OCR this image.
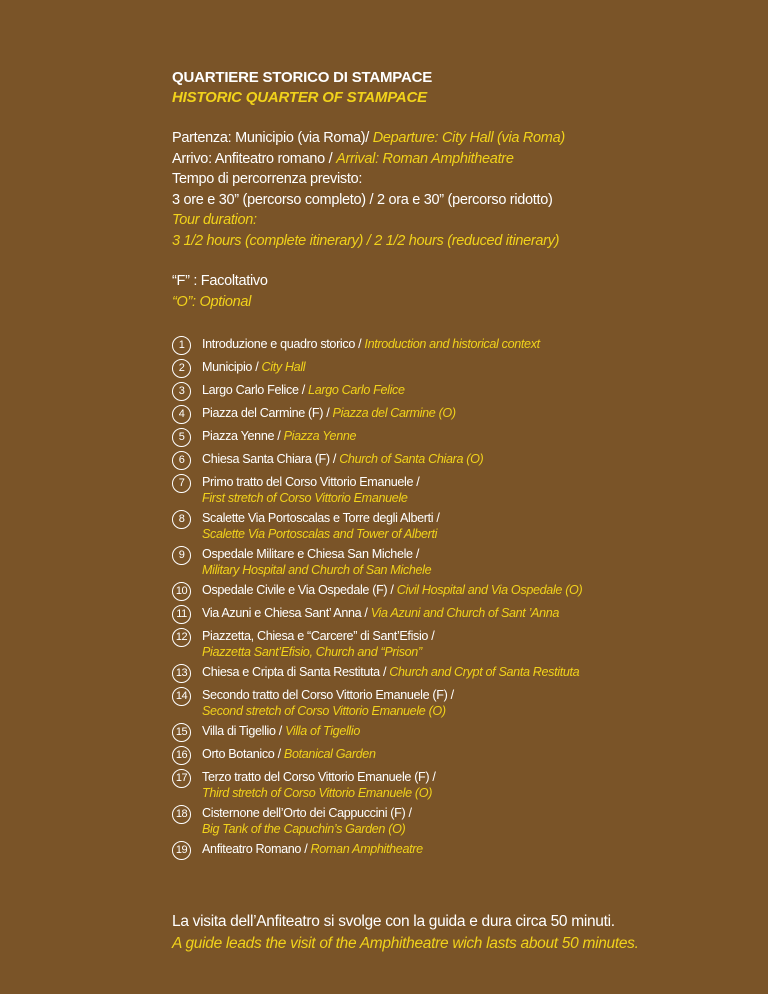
QUARTIERE STORICO DI STAMPACE
HISTORIC QUARTER OF STAMPACE
Partenza: Municipio (via Roma)/ Departure: City Hall (via Roma)
Arrivo: Anfiteatro romano / Arrival: Roman Amphitheatre
Tempo di percorrenza previsto:
3 ore e 30” (percorso completo) / 2 ora e 30” (percorso ridotto)
Tour duration:
3 1/2 hours (complete itinerary) / 2 1/2 hours (reduced itinerary)
“F” : Facoltativo
“O”: Optional
1	Introduzione e quadro storico / Introduction and historical context
2	Municipio / City Hall
3	Largo Carlo Felice / Largo Carlo Felice
4	Piazza del Carmine (F) / Piazza del Carmine (O)
5	Piazza Yenne / Piazza Yenne
6	Chiesa Santa Chiara (F) / Church of Santa Chiara (O)
7	Primo tratto del Corso Vittorio Emanuele /
First stretch of Corso Vittorio Emanuele
8	Scalette Via Portoscalas e Torre degli Alberti /
Scalette Via Portoscalas and Tower of Alberti
9	Ospedale Militare e Chiesa San Michele /
Military Hospital and Church of San Michele
10	Ospedale Civile e Via Ospedale (F) / Civil Hospital and Via Ospedale (O)
11	Via Azuni e Chiesa Sant’ Anna / Via Azuni and Church of Sant ’Anna
12	Piazzetta, Chiesa e “Carcere” di Sant’Efisio /
Piazzetta Sant’Efisio, Church and “Prison”
13	Chiesa e Cripta di Santa Restituta / Church and Crypt of Santa Restituta
14	Secondo tratto del Corso Vittorio Emanuele (F) /
Second stretch of Corso Vittorio Emanuele (O)
15	Villa di Tigellio / Villa of Tigellio
16	Orto Botanico / Botanical Garden
17	Terzo tratto del Corso Vittorio Emanuele (F) /
Third stretch of Corso Vittorio Emanuele (O)
18	Cisternone dell’Orto dei Cappuccini (F) /
Big Tank of the Capuchin’s Garden (O)
19	Anfiteatro Romano / Roman Amphitheatre
La visita dell’Anfiteatro si svolge con la guida e dura circa 50 minuti.
A guide leads the visit of the Amphitheatre wich lasts about 50 minutes.
